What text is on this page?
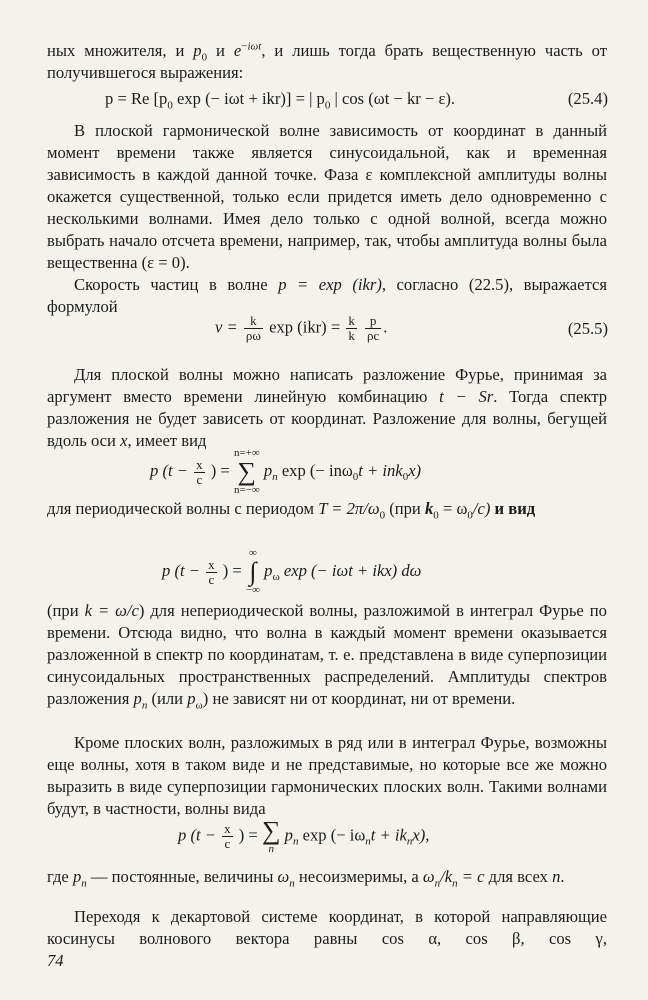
ных множителя, и $p_0$ и $e^{-i\omega t}$, и лишь тогда брать вещественную часть от получившегося выражения:

p = Re [$p_0$ exp (− iωt + ikr)] = | $p_0$ | cos (ωt − kr − ε).	(25.4)

В плоской гармонической волне зависимость от координат в данный момент времени также является синусоидальной, как и временная зависимость в каждой данной точке. Фаза ε комплексной амплитуды волны окажется существенной, только если придется иметь дело одновременно с несколькими волнами. Имея дело только с одной волной, всегда можно выбрать начало отсчета времени, например, так, чтобы амплитуда волны была вещественна (ε = 0).

Скорость частиц в волне p = exp (ikr), согласно (22.5), выражается формулой

$v = \frac{k}{\rho\omega}$ $\exp (ikr) = \frac{k}{k}$
$\frac{p}{\rho c}$ .	(25.5)

Для плоской волны можно написать разложение Фурье, принимая за аргумент вместо времени линейную комбинацию t − Sr. Тогда спектр разложения не будет зависеть от координат. Разложение для волны, бегущей вдоль оси x, имеет вид

p ($t - \frac{x}{c}$ ) =
n=+∞
∑
n=−∞
$p_n$ exp (− inω$_0$t + ink$_0$x)

для периодической волны с периодом $T = 2\pi/\omega_0$ (при $k_0 = \omega_0/c$) и вид

p ($t - \frac{x}{c}$ ) =
∞
∫
−∞
$p_\omega$ exp (− iωt + ikx) dω

(при k = ω/c) для непериодической волны, разложимой в интеграл Фурье по времени. Отсюда видно, что волна в каждый момент времени оказывается разложенной в спектр по координатам, т. е. представлена в виде суперпозиции синусоидальных пространственных распределений. Амплитуды спектров разложения $p_n$ (или $p_\omega$) не зависят ни от координат, ни от времени.

Кроме плоских волн, разложимых в ряд или в интеграл Фурье, возможны еще волны, хотя в таком виде и не представимые, но которые все же можно выразить в виде суперпозиции гармонических плоских волн. Такими волнами будут, в частности, волны вида

p ($t - \frac{x}{c}$ ) = ∑
n
$p_n$ exp (− $i\omega_nt + ik_nx$),

где $p_n$ — постоянные, величины $\omega_n$ несоизмеримы, а $\omega_n/k_n = c$ для всех n.

Переходя к декартовой системе координат, в которой направляющие косинусы волнового вектора равны cos α, cos β, cos γ,

74
